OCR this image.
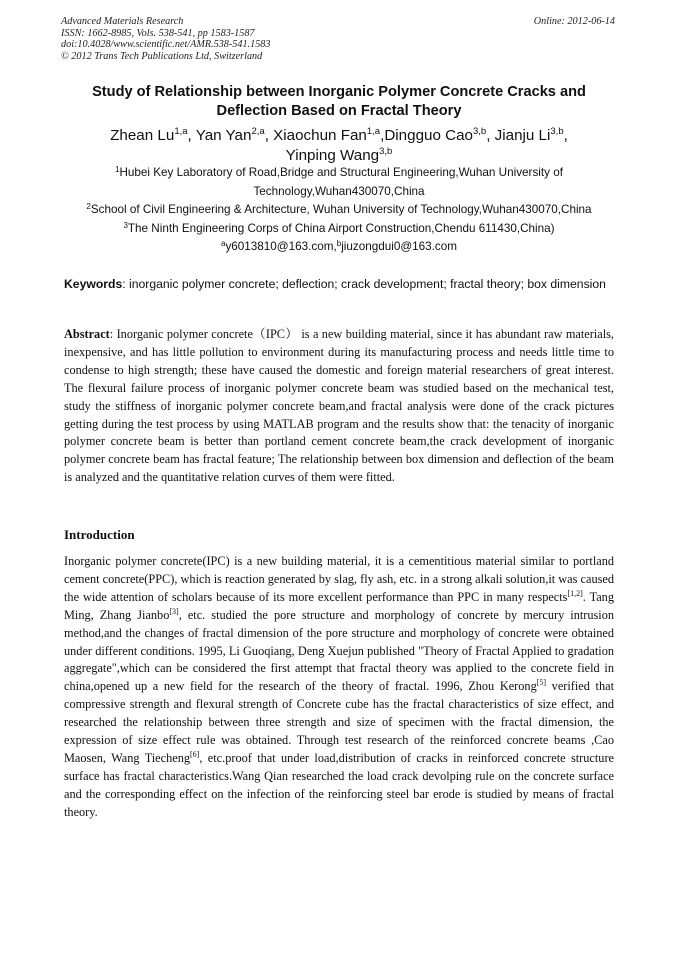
Advanced Materials Research
ISSN: 1662-8985, Vols. 538-541, pp 1583-1587
doi:10.4028/www.scientific.net/AMR.538-541.1583
© 2012 Trans Tech Publications Ltd, Switzerland
Online: 2012-06-14
Study of Relationship between Inorganic Polymer Concrete Cracks and
Deflection Based on Fractal Theory
Zhean Lu$^{1,a}$, Yan Yan$^{2,a}$, Xiaochun Fan$^{1,a}$,Dingguo Cao$^{3,b}$, Jianju Li$^{3,b}$,
Yinping Wang$^{3,b}$
$^1$Hubei Key Laboratory of Road,Bridge and Structural Engineering,Wuhan University of
Technology,Wuhan430070,China
$^2$School of Civil Engineering & Architecture, Wuhan University of Technology,Wuhan430070,China
$^3$The Ninth Engineering Corps of China Airport Construction,Chendu 611430,China)
$^a$y6013810@163.com,$^b$jiuzongdui0@163.com
Keywords: inorganic polymer concrete; deflection; crack development; fractal theory; box dimension
Abstract: Inorganic polymer concrete（IPC） is a new building material, since it has abundant raw materials, inexpensive, and has little pollution to environment during its manufacturing process and needs little time to condense to high strength; these have caused the domestic and foreign material researchers of great interest. The flexural failure process of inorganic polymer concrete beam was studied based on the mechanical test, study the stiffness of inorganic polymer concrete beam,and fractal analysis were done of the crack pictures getting during the test process by using MATLAB program and the results show that: the tenacity of inorganic polymer concrete beam is better than portland cement concrete beam,the crack development of inorganic polymer concrete beam has fractal feature; The relationship between box dimension and deflection of the beam is analyzed and the quantitative relation curves of them were fitted.
Introduction
Inorganic polymer concrete(IPC) is a new building material, it is a cementitious material similar to portland cement concrete(PPC), which is reaction generated by slag, fly ash, etc. in a strong alkali solution,it was caused the wide attention of scholars because of its more excellent performance than PPC in many respects[1,2]. Tang Ming, Zhang Jianbo[3], etc. studied the pore structure and morphology of concrete by mercury intrusion method,and the changes of fractal dimension of the pore structure and morphology of concrete were obtained under different conditions. 1995, Li Guoqiang, Deng Xuejun published "Theory of Fractal Applied to gradation aggregate",which can be considered the first attempt that fractal theory was applied to the concrete field in china,opened up a new field for the research of the theory of fractal. 1996, Zhou Kerong[5] verified that compressive strength and flexural strength of Concrete cube has the fractal characteristics of size effect, and researched the relationship between three strength and size of specimen with the fractal dimension, the expression of size effect rule was obtained. Through test research of the reinforced concrete beams ,Cao Maosen, Wang Tiecheng[6], etc.proof that under load,distribution of cracks in reinforced concrete structure surface has fractal characteristics.Wang Qian researched the load crack devolping rule on the concrete surface and the corresponding effect on the infection of the reinforcing steel bar erode is studied by means of fractal theory.
